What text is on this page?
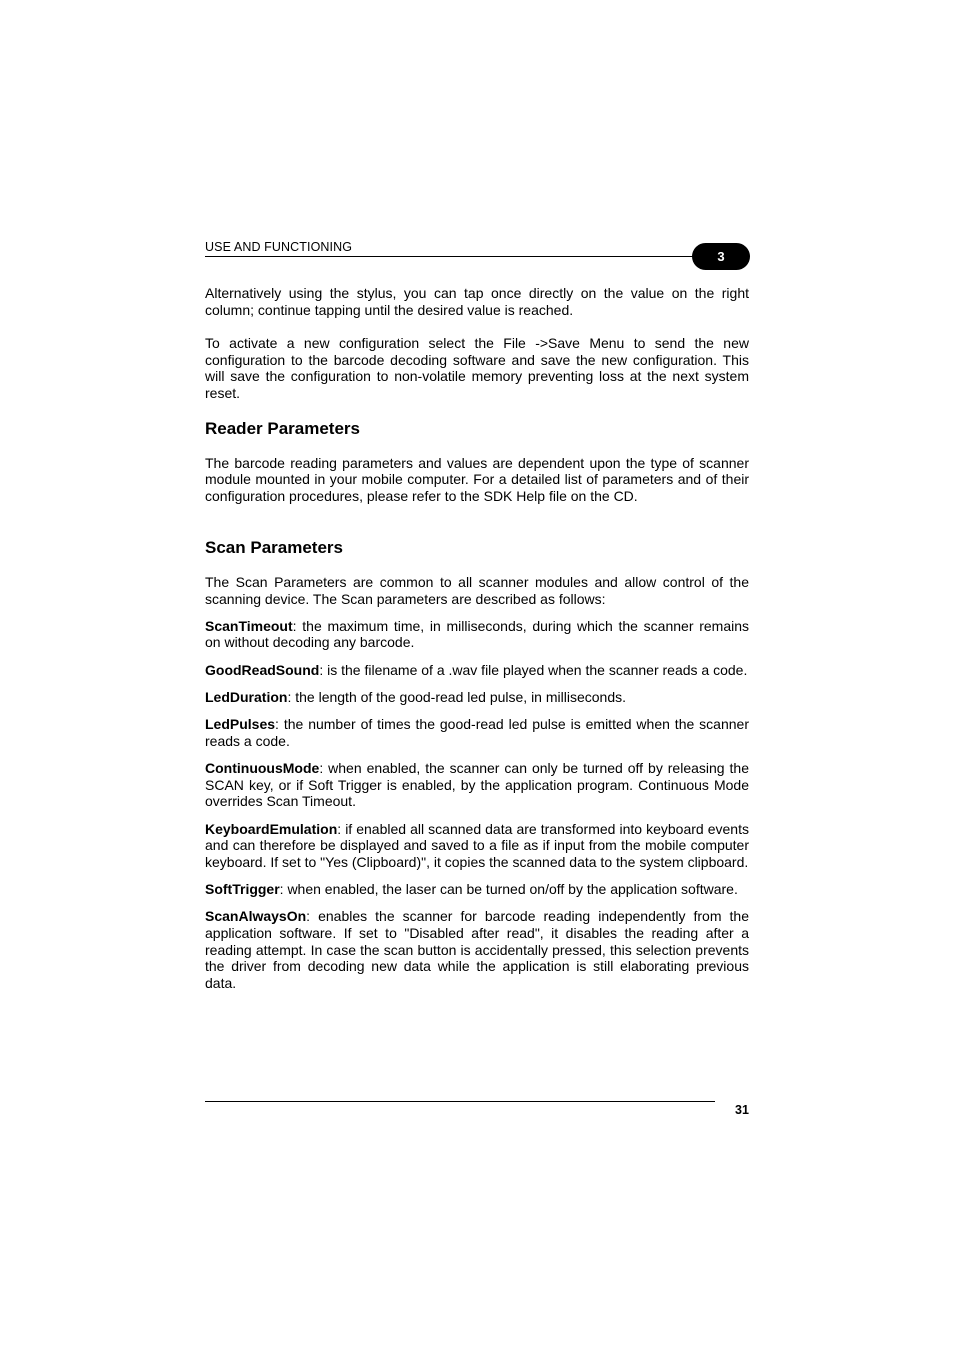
USE AND FUNCTIONING
3

Alternatively using the stylus, you can tap once directly on the value on the right column; continue tapping until the desired value is reached.

To activate a new configuration select the File ->Save Menu to send the new configuration to the barcode decoding software and save the new configuration. This will save the configuration to non-volatile memory preventing loss at the next system reset.

Reader Parameters

The barcode reading parameters and values are dependent upon the type of scanner module mounted in your mobile computer. For a detailed list of parameters and of their configuration procedures, please refer to the SDK Help file on the CD.

Scan Parameters

The Scan Parameters are common to all scanner modules and allow control of the scanning device. The Scan parameters are described as follows:

ScanTimeout: the maximum time, in milliseconds, during which the scanner remains on without decoding any barcode.

GoodReadSound: is the filename of a .wav file played when the scanner reads a code.

LedDuration: the length of the good-read led pulse, in milliseconds.

LedPulses: the number of times the good-read led pulse is emitted when the scanner reads a code.

ContinuousMode: when enabled, the scanner can only be turned off by releasing the SCAN key, or if Soft Trigger is enabled, by the application program. Continuous Mode overrides Scan Timeout.

KeyboardEmulation: if enabled all scanned data are transformed into keyboard events and can therefore be displayed and saved to a file as if input from the mobile computer keyboard. If set to "Yes (Clipboard)", it copies the scanned data to the system clipboard.

SoftTrigger: when enabled, the laser can be turned on/off by the application software.

ScanAlwaysOn: enables the scanner for barcode reading independently from the application software. If set to "Disabled after read", it disables the reading after a reading attempt. In case the scan button is accidentally pressed, this selection prevents the driver from decoding new data while the application is still elaborating previous data.

31
